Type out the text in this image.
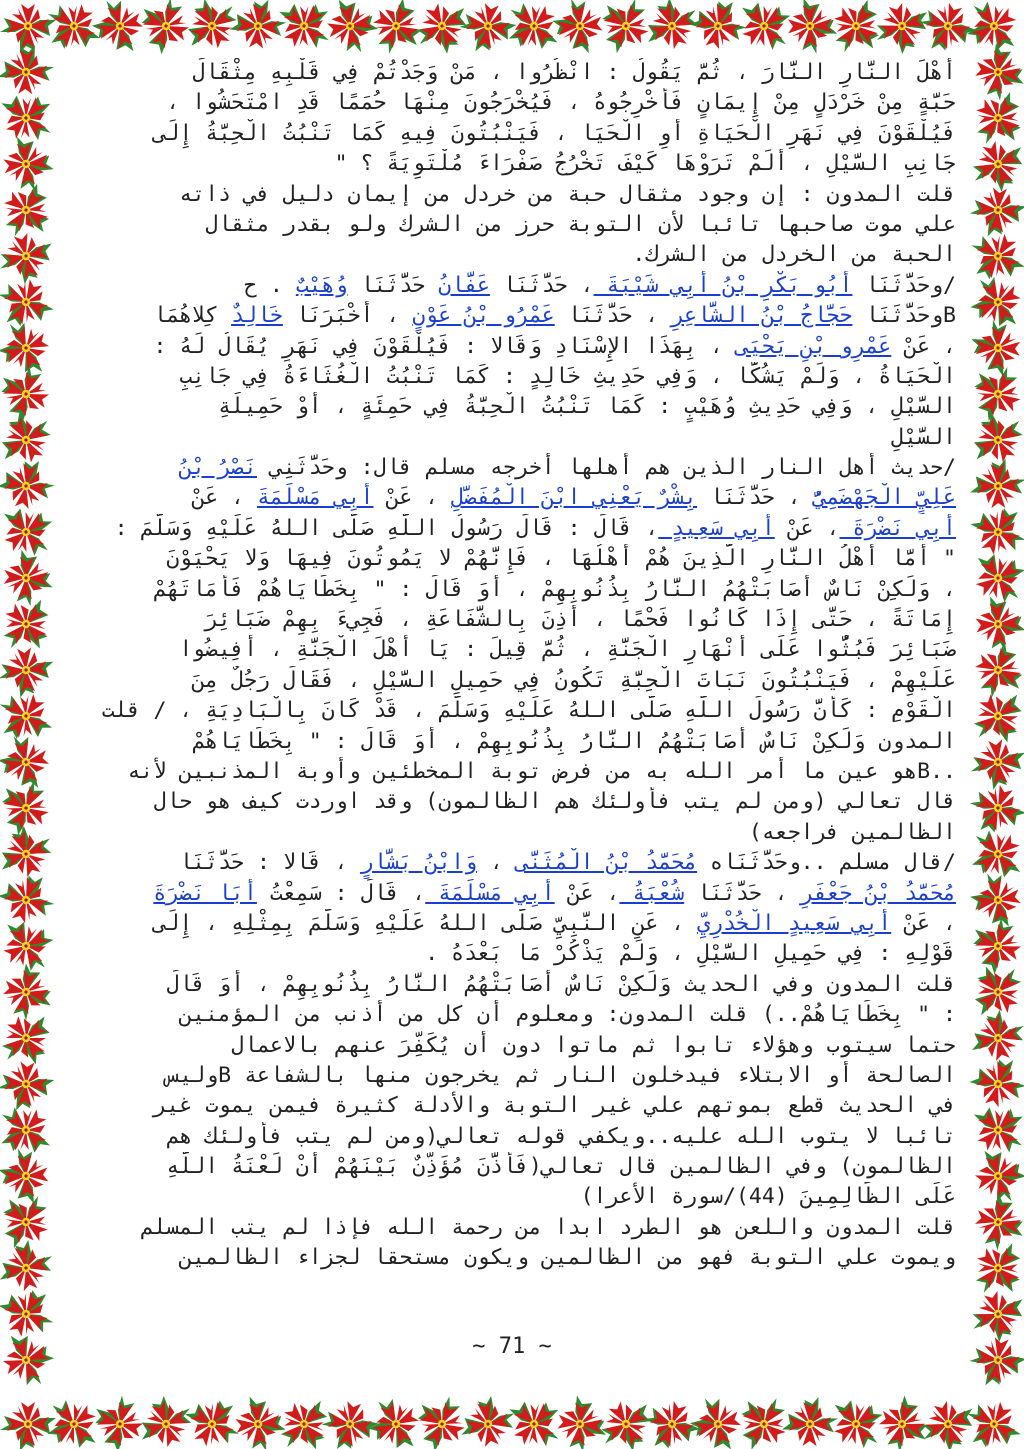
أَهْلَ النَّارِ النَّارَ ، ثُمَّ يَقُولُ : انْظُرُوا ، مَنْ وَجَدْتُمْ فِي قَلْبِهِ مِثْقَالَ
حَبَّةٍ مِنْ خَرْدَلٍ مِنْ إِيمَانٍ فَأَخْرِجُوهُ ، فَيُخْرَجُونَ مِنْهَا حُمَمًا قَدِ امْتَحَشُوا ،
فَيُلْقَوْنَ فِي نَهَرِ الْحَيَاةِ أَوِ الْحَيَا ، فَيَنْبُتُونَ فِيهِ كَمَا تَنْبُتُ الْحِبَّةُ إِلَى
جَانِبِ السَّيْلِ ، أَلَمْ تَرَوْهَا كَيْفَ تَخْرُجُ صَفْرَاءَ مُلْتَوِيَةً ؟ "
قلت المدون : إن وجود مثقال حبة من خردل من إيمان دليل في ذاته
علي موت صاحبها تائبا لأن التوبة حرز من الشرك ولو بقدر مثقال
الحبة من الخردل من الشرك.
/وحَدَّثَنَا أَبُو بَكْرِ بْنُ أَبِي شَيْبَةَ ، حَدَّثَنَا عَفَّانُ حَدَّثَنَا وُهَيْبٌ . ح
Bوحَدَّثَنَا حَجَّاجُ بْنُ الشَّاعِرِ ، حَدَّثَنَا عَمْرُو بْنُ عَوْنٍ ، أَخْبَرَنَا خَالِدٌ كِلاهُمَا
، عَنْ عَمْرِو بْنِ يَحْيَى ، بِهَذَا الإِسْنَادِ وَقَالا : فَيُلْقَوْنَ فِي نَهَرٍ يُقَالُ لَهُ :
الْحَيَاةُ ، وَلَمْ يَشُكَّا ، وَفِي حَدِيثِ خَالِدٍ : كَمَا تَنْبُتُ الْغُثَاءَةُ فِي جَانِبِ
السَّيْلِ ، وَفِي حَدِيثِ وُهَيْبٍ : كَمَا تَنْبُتُ الْحِبَّةُ فِي حَمِئَةٍ ، أَوْ حَمِيلَةِ
السَّيْلِ
/حديث أهل النار الذين هم أهلها أخرجه مسلم قال: وحَدَّثَنِي نَصْرُ بْنُ
عَلِيٍّ الْجَهْضَمِيُّ ، حَدَّثَنَا بِشْرٌ يَعْنِي ابْنَ الْمُفَضَّلِ ، عَنْ أَبِي مَسْلَمَةَ ، عَنْ
أَبِي نَضْرَةَ ، عَنْ أَبِي سَعِيدٍ ، قَالَ : قَالَ رَسُولُ اللَّهِ صَلَّى اللهُ عَلَيْهِ وَسَلَّمَ :
" أَمَّا أَهْلُ النَّارِ الَّذِينَ هُمْ أَهْلُهَا ، فَإِنَّهُمْ لا يَمُوتُونَ فِيهَا وَلا يَحْيَوْنَ
، وَلَكِنْ نَاسٌ أَصَابَتْهُمُ النَّارُ بِذُنُوبِهِمْ ، أَوَ قَالَ : " بِخَطَايَاهُمْ فَأَمَاتَهُمْ
إِمَاتَةً ، حَتَّى إِذَا كَانُوا فَحْمًا ، أُذِنَ بِالشَّفَاعَةِ ، فَجِيءَ بِهِمْ ضَبَائِرَ
ضَبَائِرَ فَبُثُّوا عَلَى أَنْهَارِ الْجَنَّةِ ، ثُمَّ قِيلَ : يَا أَهْلَ الْجَنَّةِ ، أَفِيضُوا
عَلَيْهِمْ ، فَيَنْبُتُونَ نَبَاتَ الْحِبَّةِ تَكُونُ فِي حَمِيلِ السَّيْلِ ، فَقَالَ رَجُلٌ مِنَ
الْقَوْمِ : كَأَنَّ رَسُولَ اللَّهِ صَلَّى اللهُ عَلَيْهِ وَسَلَّمَ ، قَدْ كَانَ بِالْبَادِيَةِ ، / قلت
المدون وَلَكِنْ نَاسٌ أَصَابَتْهُمُ النَّارُ بِذُنُوبِهِمْ ، أَوَ قَالَ : " بِخَطَايَاهُمْ
..Bهو عين ما أمر الله به من فرض توبة المخطئين وأوبة المذنبين لأنه
قال تعالي (ومن لم يتب فأولئك هم الظالمون) وقد اوردت كيف هو حال
الظالمين فراجعه)
/قال مسلم ..وحَدَّثَنَاه مُحَمَّدُ بْنُ الْمُثَنَّى ، وَابْنُ بَشَّارٍ ، قَالا : حَدَّثَنَا
مُحَمَّدُ بْنُ جَعْفَرٍ ، حَدَّثَنَا شُعْبَةُ ، عَنْ أَبِي مَسْلَمَةَ ، قَالَ : سَمِعْتُ أَبَا نَضْرَةَ
، عَنْ أَبِي سَعِيدٍ الْخُدْرِيِّ ، عَنِ النَّبِيِّ صَلَّى اللهُ عَلَيْهِ وَسَلَّمَ بِمِثْلِهِ ، إِلَى
قَوْلِهِ : فِي حَمِيلِ السَّيْلِ ، وَلَمْ يَذْكُرْ مَا بَعْدَهُ .
قلت المدون وفي الحديث وَلَكِنْ نَاسٌ أَصَابَتْهُمُ النَّارُ بِذُنُوبِهِمْ ، أَوَ قَالَ
: " بِخَطَايَاهُمْ..) قلت المدون: ومعلوم أن كل من أذنب من المؤمنين
حتما سيتوب وهؤلاء تابوا ثم ماتوا دون أن يُكَفِّرَ عنهم بالاعمال
الصالحة أو الابتلاء فيدخلون النار ثم يخرجون منها بالشفاعة Bوليس
في الحديث قطع بموتهم علي غير التوبة والأدلة كثيرة فيمن يموت غير
تائبا لا يتوب الله عليه..ويكفي قوله تعالي(ومن لم يتب فأولئك هم
الظالمون) وفي الظالمين قال تعالي(فَأَذَّنَ مُؤَذِّنٌ بَيْنَهُمْ أَنْ لَعْنَةُ اللَّهِ
عَلَى الظَّالِمِينَ (44)/سورة الأعرا)
قلت المدون واللعن هو الطرد ابدا من رحمة الله فإذا لم يتب المسلم
ويموت علي التوبة فهو من الظالمين ويكون مستحقا لجزاء الظالمين
~ 71 ~
